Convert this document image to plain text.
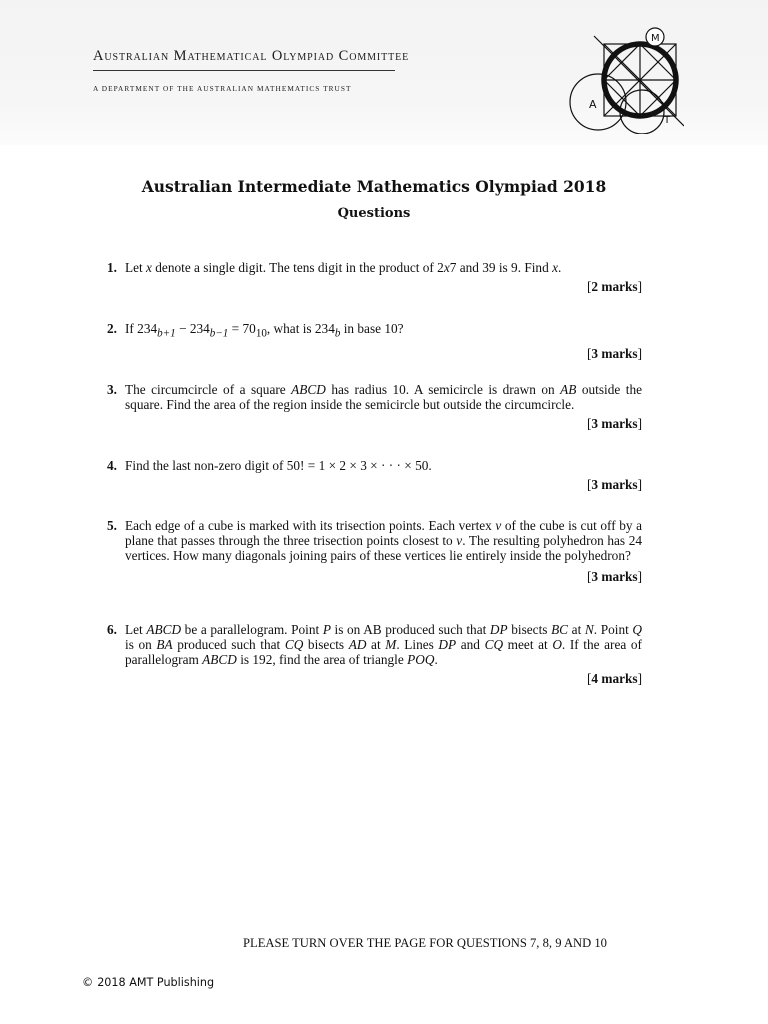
Australian Mathematical Olympiad Committee
A DEPARTMENT OF THE AUSTRALIAN MATHEMATICS TRUST
M
A
T
Australian Intermediate Mathematics Olympiad 2018
Questions
1. Let x denote a single digit. The tens digit in the product of 2x7 and 39 is 9. Find x.
[2 marks]
2. If $234_{b+1} - 234_{b-1} = 70_{10}$, what is $234_b$ in base 10?
[3 marks]
3. The circumcircle of a square ABCD has radius 10. A semicircle is drawn on AB outside the square. Find the area of the region inside the semicircle but outside the circumcircle.
[3 marks]
4. Find the last non-zero digit of 50! = 1 × 2 × 3 × · · · × 50.
[3 marks]
5. Each edge of a cube is marked with its trisection points. Each vertex v of the cube is cut off by a plane that passes through the three trisection points closest to v. The resulting polyhedron has 24 vertices. How many diagonals joining pairs of these vertices lie entirely inside the polyhedron?
[3 marks]
6. Let ABCD be a parallelogram. Point P is on AB produced such that DP bisects BC at N. Point Q is on BA produced such that CQ bisects AD at M. Lines DP and CQ meet at O. If the area of parallelogram ABCD is 192, find the area of triangle POQ.
[4 marks]
PLEASE TURN OVER THE PAGE FOR QUESTIONS 7, 8, 9 AND 10
© 2018 AMT Publishing
